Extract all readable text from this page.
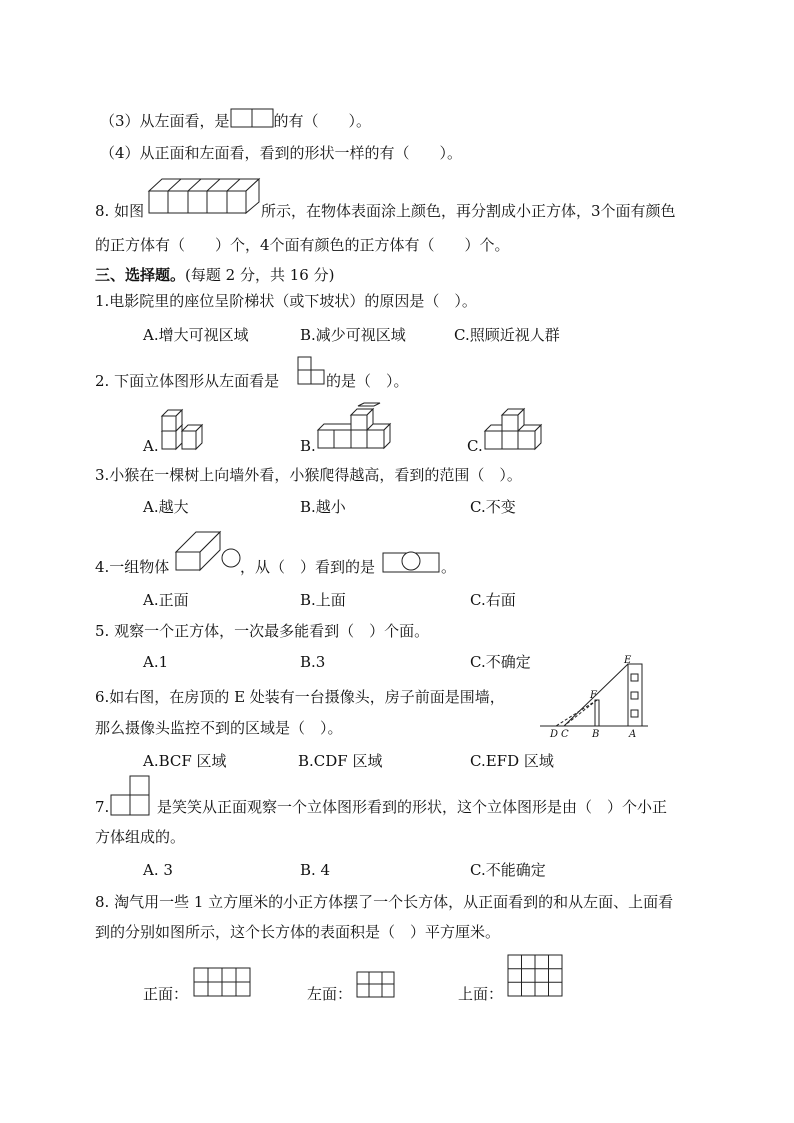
（3）从左面看，是	的有（　　）。
（4）从正面和左面看，看到的形状一样的有（　　）。
8. 如图	所示，在物体表面涂上颜色，再分割成小正方体，3个面有颜色
的正方体有（　　）个，4个面有颜色的正方体有（　　）个。
三、选择题。(每题 2 分，共 16 分)
1.电影院里的座位呈阶梯状（或下坡状）的原因是（　）。
A.增大可视区域	B.减少可视区域	C.照顾近视人群
2. 下面立体图形从左面看是	的是（　）。
A.	B.	C.
3.小猴在一棵树上向墙外看，小猴爬得越高，看到的范围（　）。
A.越大	B.越小	C.不变
4.一组物体	，从（　）看到的是	。
A.正面	B.上面	C.右面
5. 观察一个正方体，一次最多能看到（　）个面。
A.1	B.3	C.不确定
6.如右图，在房顶的 E 处装有一台摄像头，房子前面是围墙，
那么摄像头监控不到的区域是（　）。
E
F
D C B	A
A.BCF 区域	B.CDF 区域	C.EFD 区域
7.	是笑笑从正面观察一个立体图形看到的形状，这个立体图形是由（　）个小正
方体组成的。
A. 3	B. 4	C.不能确定
8. 淘气用一些 1 立方厘米的小正方体摆了一个长方体，从正面看到的和从左面、上面看
到的分别如图所示，这个长方体的表面积是（　）平方厘米。
正面：	左面：	上面：
